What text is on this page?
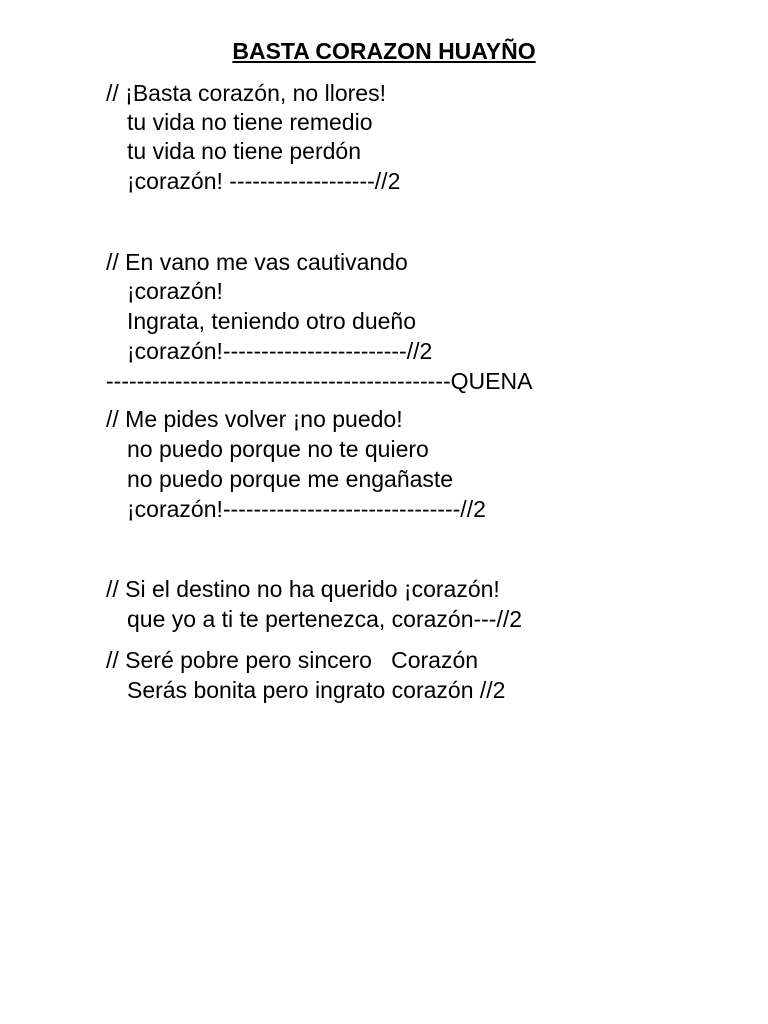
BASTA CORAZON HUAYÑO
// ¡Basta corazón, no llores!
tu vida no tiene remedio
tu vida no tiene perdón
¡corazón! -------------------//2
// En vano me vas cautivando
¡corazón!
Ingrata, teniendo otro dueño
¡corazón!------------------------//2
---------------------------------------------QUENA
// Me pides volver ¡no puedo!
no puedo porque no te quiero
no puedo porque me engañaste
¡corazón!-------------------------------//2
// Si el destino no ha querido ¡corazón!
que yo a ti te pertenezca, corazón---//2
// Seré pobre pero sincero   Corazón
Serás bonita pero ingrato corazón //2
